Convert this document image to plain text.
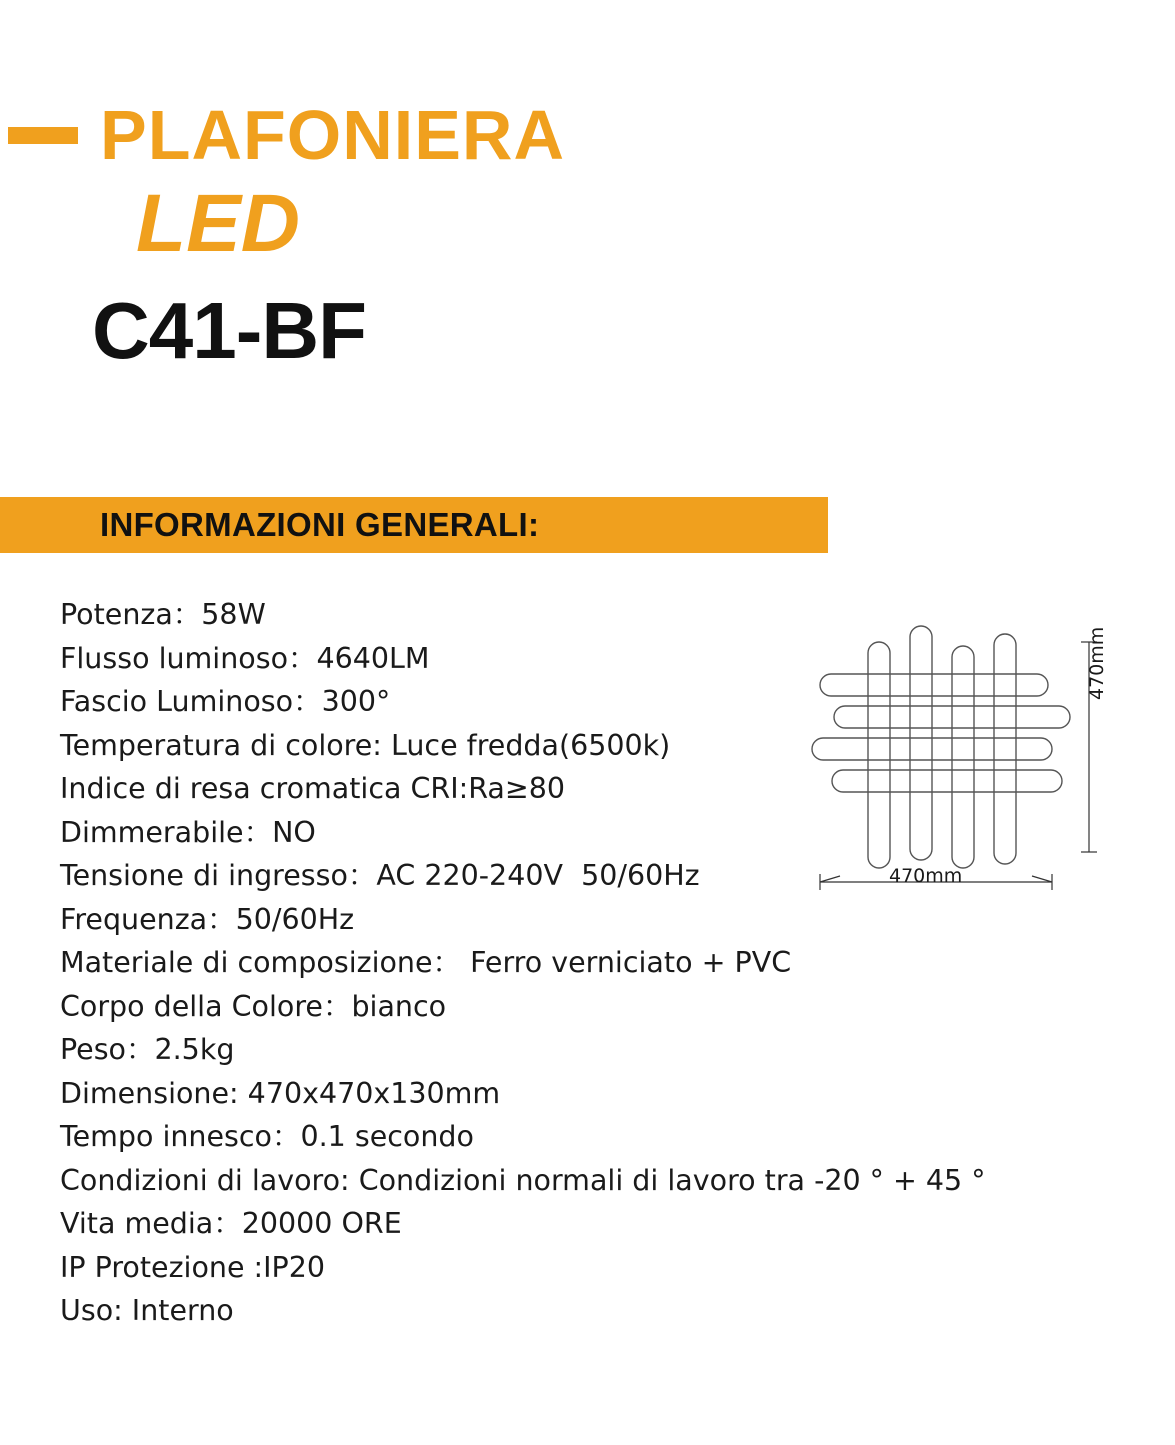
PLAFONIERA
LED
C41-BF
INFORMAZIONI GENERALI:
Potenza：58W
Flusso luminoso：4640LM
Fascio Luminoso：300°
Temperatura di colore: Luce fredda(6500k)
Indice di resa cromatica CRI:Ra≥80
Dimmerabile：NO
Tensione di ingresso：AC 220-240V  50/60Hz
Frequenza：50/60Hz
Materiale di composizione： Ferro verniciato + PVC
Corpo della Colore：bianco
Peso：2.5kg
Dimensione: 470x470x130mm
Tempo innesco：0.1 secondo
Condizioni di lavoro: Condizioni normali di lavoro tra -20 ° + 45 °
Vita media：20000 ORE
IP Protezione :IP20
Uso: Interno
470mm
470mm
